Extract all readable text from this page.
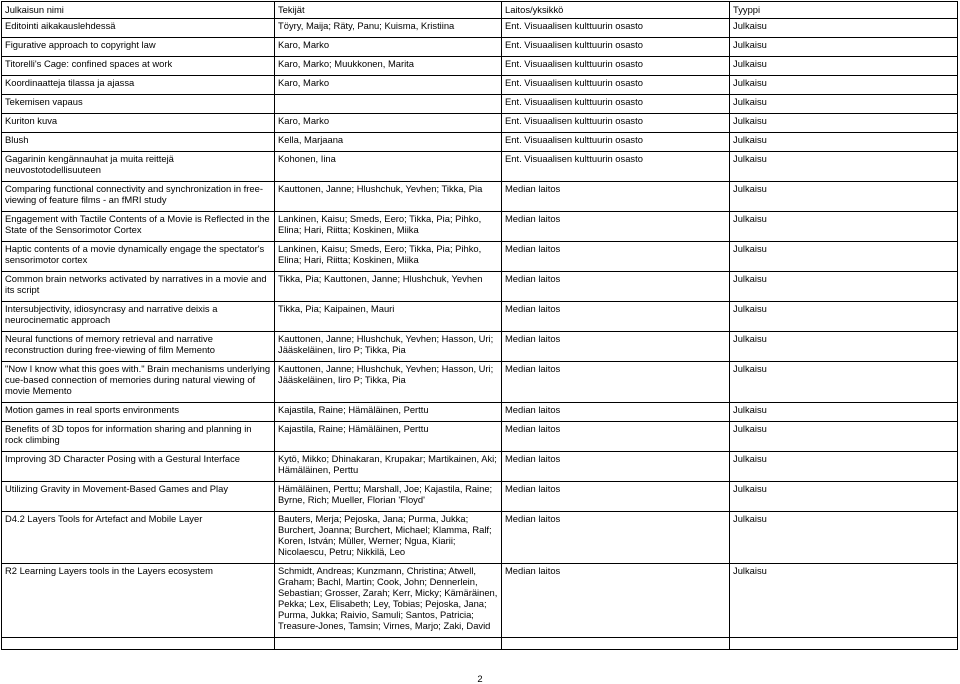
Julkaisun nimi	Tekijät	Laitos/yksikkö	Tyyppi
Editointi aikakauslehdessä	Töyry, Maija; Räty, Panu; Kuisma, Kristiina	Ent. Visuaalisen kulttuurin osasto	Julkaisu
Figurative approach to copyright law	Karo, Marko	Ent. Visuaalisen kulttuurin osasto	Julkaisu
Titorelli's Cage: confined spaces at work	Karo, Marko; Muukkonen, Marita	Ent. Visuaalisen kulttuurin osasto	Julkaisu
Koordinaatteja tilassa ja ajassa	Karo, Marko	Ent. Visuaalisen kulttuurin osasto	Julkaisu
Tekemisen vapaus		Ent. Visuaalisen kulttuurin osasto	Julkaisu
Kuriton kuva	Karo, Marko	Ent. Visuaalisen kulttuurin osasto	Julkaisu
Blush	Kella, Marjaana	Ent. Visuaalisen kulttuurin osasto	Julkaisu
Gagarinin kengännauhat ja muita reittejä neuvostotodellisuuteen	Kohonen, Iina	Ent. Visuaalisen kulttuurin osasto	Julkaisu
Comparing functional connectivity and synchronization in free-viewing of feature films - an fMRI study	Kauttonen, Janne; Hlushchuk, Yevhen; Tikka, Pia	Median laitos	Julkaisu
Engagement with Tactile Contents of a Movie is Reflected in the State of the Sensorimotor Cortex	Lankinen, Kaisu; Smeds, Eero; Tikka, Pia; Pihko, Elina; Hari, Riitta; Koskinen, Miika	Median laitos	Julkaisu
Haptic contents of a movie dynamically engage the spectator's sensorimotor cortex	Lankinen, Kaisu; Smeds, Eero; Tikka, Pia; Pihko, Elina; Hari, Riitta; Koskinen, Miika	Median laitos	Julkaisu
Common brain networks activated by narratives in a movie and its script	Tikka, Pia; Kauttonen, Janne; Hlushchuk, Yevhen	Median laitos	Julkaisu
Intersubjectivity, idiosyncrasy and narrative deixis a neurocinematic approach	Tikka, Pia; Kaipainen, Mauri	Median laitos	Julkaisu
Neural functions of memory retrieval and narrative reconstruction during free-viewing of film Memento	Kauttonen, Janne; Hlushchuk, Yevhen; Hasson, Uri; Jääskeläinen, Iiro P; Tikka, Pia	Median laitos	Julkaisu
"Now I know what this goes with." Brain mechanisms underlying cue-based connection of memories during natural viewing of movie Memento	Kauttonen, Janne; Hlushchuk, Yevhen; Hasson, Uri; Jääskeläinen, Iiro P; Tikka, Pia	Median laitos	Julkaisu
Motion games in real sports environments	Kajastila, Raine; Hämäläinen, Perttu	Median laitos	Julkaisu
Benefits of 3D topos for information sharing and planning in rock climbing	Kajastila, Raine; Hämäläinen, Perttu	Median laitos	Julkaisu
Improving 3D Character Posing with a Gestural Interface	Kytö, Mikko; Dhinakaran, Krupakar; Martikainen, Aki; Hämäläinen, Perttu	Median laitos	Julkaisu
Utilizing Gravity in Movement-Based Games and Play	Hämäläinen, Perttu; Marshall, Joe; Kajastila, Raine; Byrne, Rich; Mueller, Florian 'Floyd'	Median laitos	Julkaisu
D4.2 Layers Tools for Artefact and Mobile Layer	Bauters, Merja; Pejoska, Jana; Purma, Jukka; Burchert, Joanna; Burchert, Michael; Klamma, Ralf; Koren, István; Müller, Werner; Ngua, Kiarii; Nicolaescu, Petru; Nikkilä, Leo	Median laitos	Julkaisu
R2 Learning Layers tools in the Layers ecosystem	Schmidt, Andreas; Kunzmann, Christina; Atwell, Graham; Bachl, Martin; Cook, John; Dennerlein, Sebastian; Grosser, Zarah; Kerr, Micky; Kämäräinen, Pekka; Lex, Elisabeth; Ley, Tobias; Pejoska, Jana; Purma, Jukka; Raivio, Samuli; Santos, Patricia; Treasure-Jones, Tamsin; Virnes, Marjo; Zaki, David	Median laitos	Julkaisu

2
